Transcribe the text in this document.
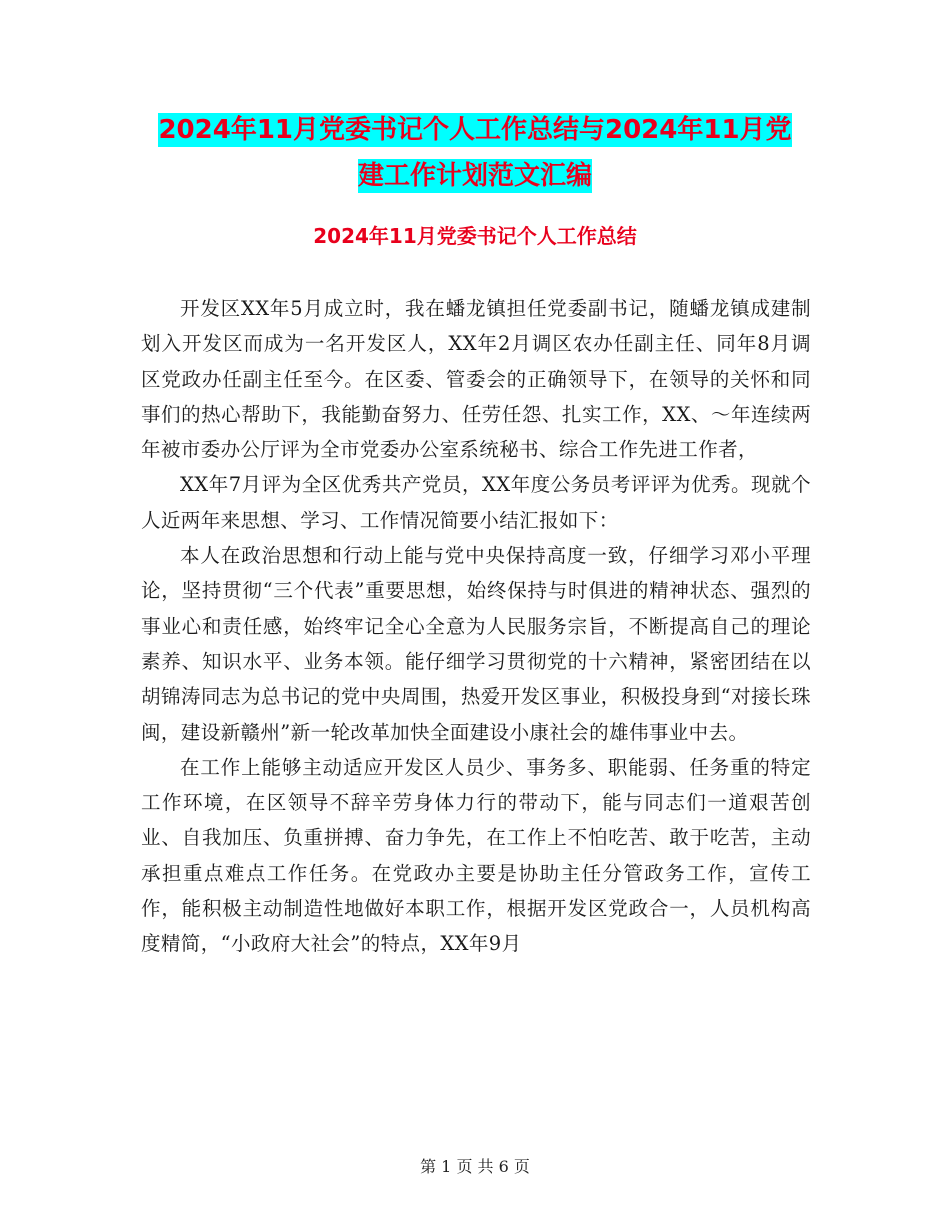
2024年11月党委书记个人工作总结与2024年11月党
建工作计划范文汇编
2024年11月党委书记个人工作总结

开发区XX年5月成立时，我在蟠龙镇担任党委副书记，随蟠龙镇成建制划入开发区而成为一名开发区人，XX年2月调区农办任副主任、同年8月调区党政办任副主任至今。在区委、管委会的正确领导下，在领导的关怀和同事们的热心帮助下，我能勤奋努力、任劳任怨、扎实工作，XX、～年连续两年被市委办公厅评为全市党委办公室系统秘书、综合工作先进工作者，

XX年7月评为全区优秀共产党员，XX年度公务员考评评为优秀。现就个人近两年来思想、学习、工作情况简要小结汇报如下：

本人在政治思想和行动上能与党中央保持高度一致，仔细学习邓小平理论，坚持贯彻“三个代表”重要思想，始终保持与时俱进的精神状态、强烈的事业心和责任感，始终牢记全心全意为人民服务宗旨，不断提高自己的理论素养、知识水平、业务本领。能仔细学习贯彻党的十六精神，紧密团结在以胡锦涛同志为总书记的党中央周围，热爱开发区事业，积极投身到“对接长珠闽，建设新赣州”新一轮改革加快全面建设小康社会的雄伟事业中去。

在工作上能够主动适应开发区人员少、事务多、职能弱、任务重的特定工作环境，在区领导不辞辛劳身体力行的带动下，能与同志们一道艰苦创业、自我加压、负重拼搏、奋力争先，在工作上不怕吃苦、敢于吃苦，主动承担重点难点工作任务。在党政办主要是协助主任分管政务工作，宣传工作，能积极主动制造性地做好本职工作，根据开发区党政合一，人员机构高度精简，“小政府大社会”的特点，XX年9月

第 1 页 共 6 页
